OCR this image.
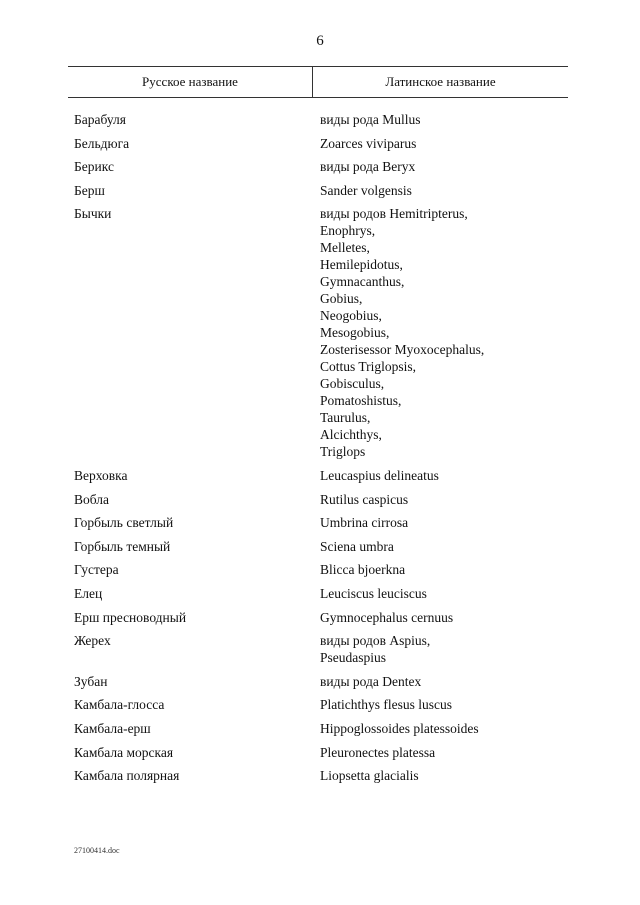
6
Русское название	Латинское название
Барабуля	виды рода Mullus
Бельдюга	Zoarces viviparus
Берикс	виды рода Beryx
Берш	Sander volgensis
Бычки	виды родов Hemitripterus,
Enophrys,
Melletes,
Hemilepidotus,
Gymnacanthus,
Gobius,
Neogobius,
Mesogobius,
Zosterisessor Myoxocephalus,
Cottus Triglopsis,
Gobisculus,
Pomatoshistus,
Taurulus,
Alcichthys,
Triglops
Верховка	Leucaspius delineatus
Вобла	Rutilus caspicus
Горбыль светлый	Umbrina cirrosa
Горбыль темный	Sciena umbra
Густера	Blicca bjoerkna
Елец	Leuciscus leuciscus
Ерш пресноводный	Gymnocephalus cernuus
Жерех	виды родов Aspius,
Pseudaspius
Зубан	виды рода Dentex
Камбала-глосса	Platichthys flesus luscus
Камбала-ерш	Hippoglossoides platessoides
Камбала морская	Pleuronectes platessa
Камбала полярная	Liopsetta glacialis
27100414.doc
